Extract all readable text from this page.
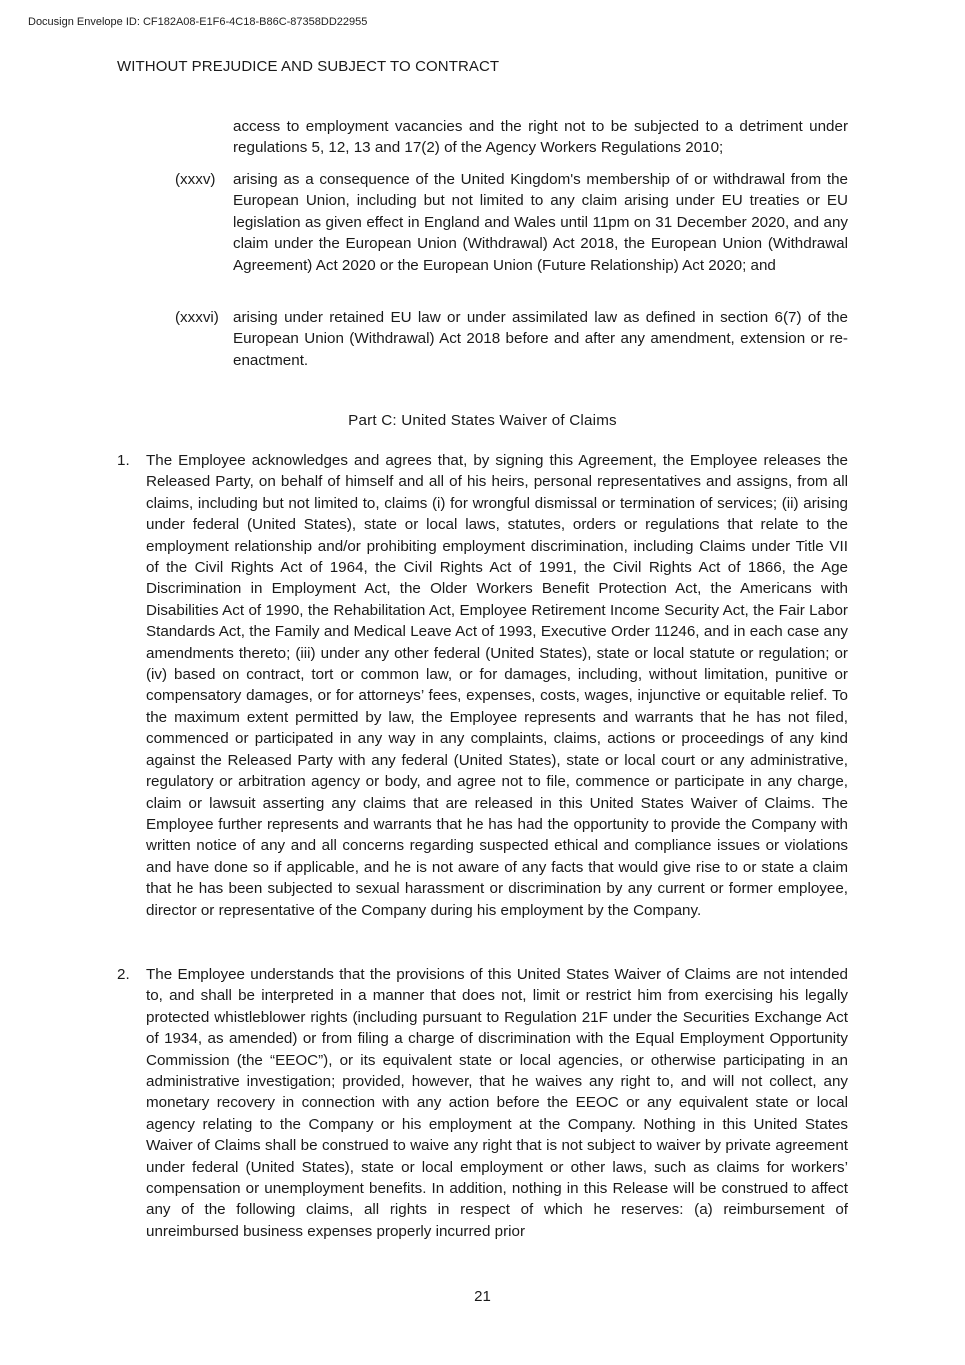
Docusign Envelope ID: CF182A08-E1F6-4C18-B86C-87358DD22955
WITHOUT PREJUDICE AND SUBJECT TO CONTRACT
access to employment vacancies and the right not to be subjected to a detriment under regulations 5, 12, 13 and 17(2) of the Agency Workers Regulations 2010;
(xxxv)	arising as a consequence of the United Kingdom's membership of or withdrawal from the European Union, including but not limited to any claim arising under EU treaties or EU legislation as given effect in England and Wales until 11pm on 31 December 2020, and any claim under the European Union (Withdrawal) Act 2018, the European Union (Withdrawal Agreement) Act 2020 or the European Union (Future Relationship) Act 2020; and
(xxxvi) arising under retained EU law or under assimilated law as defined in section 6(7) of the European Union (Withdrawal) Act 2018 before and after any amendment, extension or re-enactment.
Part C: United States Waiver of Claims
1.	The Employee acknowledges and agrees that, by signing this Agreement, the Employee releases the Released Party, on behalf of himself and all of his heirs, personal representatives and assigns, from all claims, including but not limited to, claims (i) for wrongful dismissal or termination of services; (ii) arising under federal (United States), state or local laws, statutes, orders or regulations that relate to the employment relationship and/or prohibiting employment discrimination, including Claims under Title VII of the Civil Rights Act of 1964, the Civil Rights Act of 1991, the Civil Rights Act of 1866, the Age Discrimination in Employment Act, the Older Workers Benefit Protection Act, the Americans with Disabilities Act of 1990, the Rehabilitation Act, Employee Retirement Income Security Act, the Fair Labor Standards Act, the Family and Medical Leave Act of 1993, Executive Order 11246, and in each case any amendments thereto; (iii) under any other federal (United States), state or local statute or regulation; or (iv) based on contract, tort or common law, or for damages, including, without limitation, punitive or compensatory damages, or for attorneys’ fees, expenses, costs, wages, injunctive or equitable relief. To the maximum extent permitted by law, the Employee represents and warrants that he has not filed, commenced or participated in any way in any complaints, claims, actions or proceedings of any kind against the Released Party with any federal (United States), state or local court or any administrative, regulatory or arbitration agency or body, and agree not to file, commence or participate in any charge, claim or lawsuit asserting any claims that are released in this United States Waiver of Claims. The Employee further represents and warrants that he has had the opportunity to provide the Company with written notice of any and all concerns regarding suspected ethical and compliance issues or violations and have done so if applicable, and he is not aware of any facts that would give rise to or state a claim that he has been subjected to sexual harassment or discrimination by any current or former employee, director or representative of the Company during his employment by the Company.
2.	The Employee understands that the provisions of this United States Waiver of Claims are not intended to, and shall be interpreted in a manner that does not, limit or restrict him from exercising his legally protected whistleblower rights (including pursuant to Regulation 21F under the Securities Exchange Act of 1934, as amended) or from filing a charge of discrimination with the Equal Employment Opportunity Commission (the “EEOC”), or its equivalent state or local agencies, or otherwise participating in an administrative investigation; provided, however, that he waives any right to, and will not collect, any monetary recovery in connection with any action before the EEOC or any equivalent state or local agency relating to the Company or his employment at the Company. Nothing in this United States Waiver of Claims shall be construed to waive any right that is not subject to waiver by private agreement under federal (United States), state or local employment or other laws, such as claims for workers’ compensation or unemployment benefits. In addition, nothing in this Release will be construed to affect any of the following claims, all rights in respect of which he reserves: (a) reimbursement of unreimbursed business expenses properly incurred prior
21
